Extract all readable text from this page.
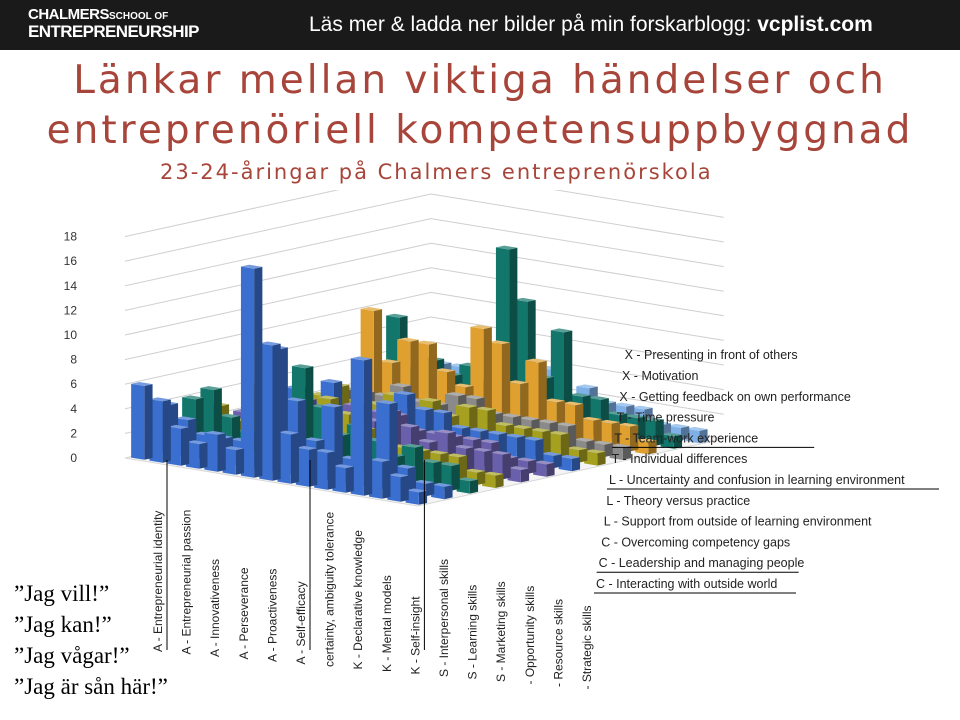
CHALMERSSCHOOL OF
ENTREPRENEURSHIP	Läs mer & ladda ner bilder på min forskarblogg: vcplist.com
Länkar mellan viktiga händelser och
entreprenöriell kompetensuppbyggnad
23-24-åringar på Chalmers entreprenörskola
0
2
4
6
8
10
12
14
16
18
A - Entrepreneurial identity A - Entrepreneurial passion A - Innovativeness A - Perseverance A - Proactiveness A - Self-efficacy certainty, ambiguity tolerance K - Declarative knowledge K - Mental models K - Self-insight S - Interpersonal skills S - Learning skills S - Marketing skills - Opportunity skills - Resource skills - Strategic skills
C - Interacting with outside world
C - Leadership and managing people
C - Overcoming competency gaps
L - Support from outside of learning environment
L - Theory versus practice
L - Uncertainty and confusion in learning environment
T - Individual differences
T - Team-work experience
T - Time pressure
X - Getting feedback on own performance
X - Motivation
X - Presenting in front of others
”Jag vill!”
”Jag kan!”
”Jag vågar!”
”Jag är sån här!”
